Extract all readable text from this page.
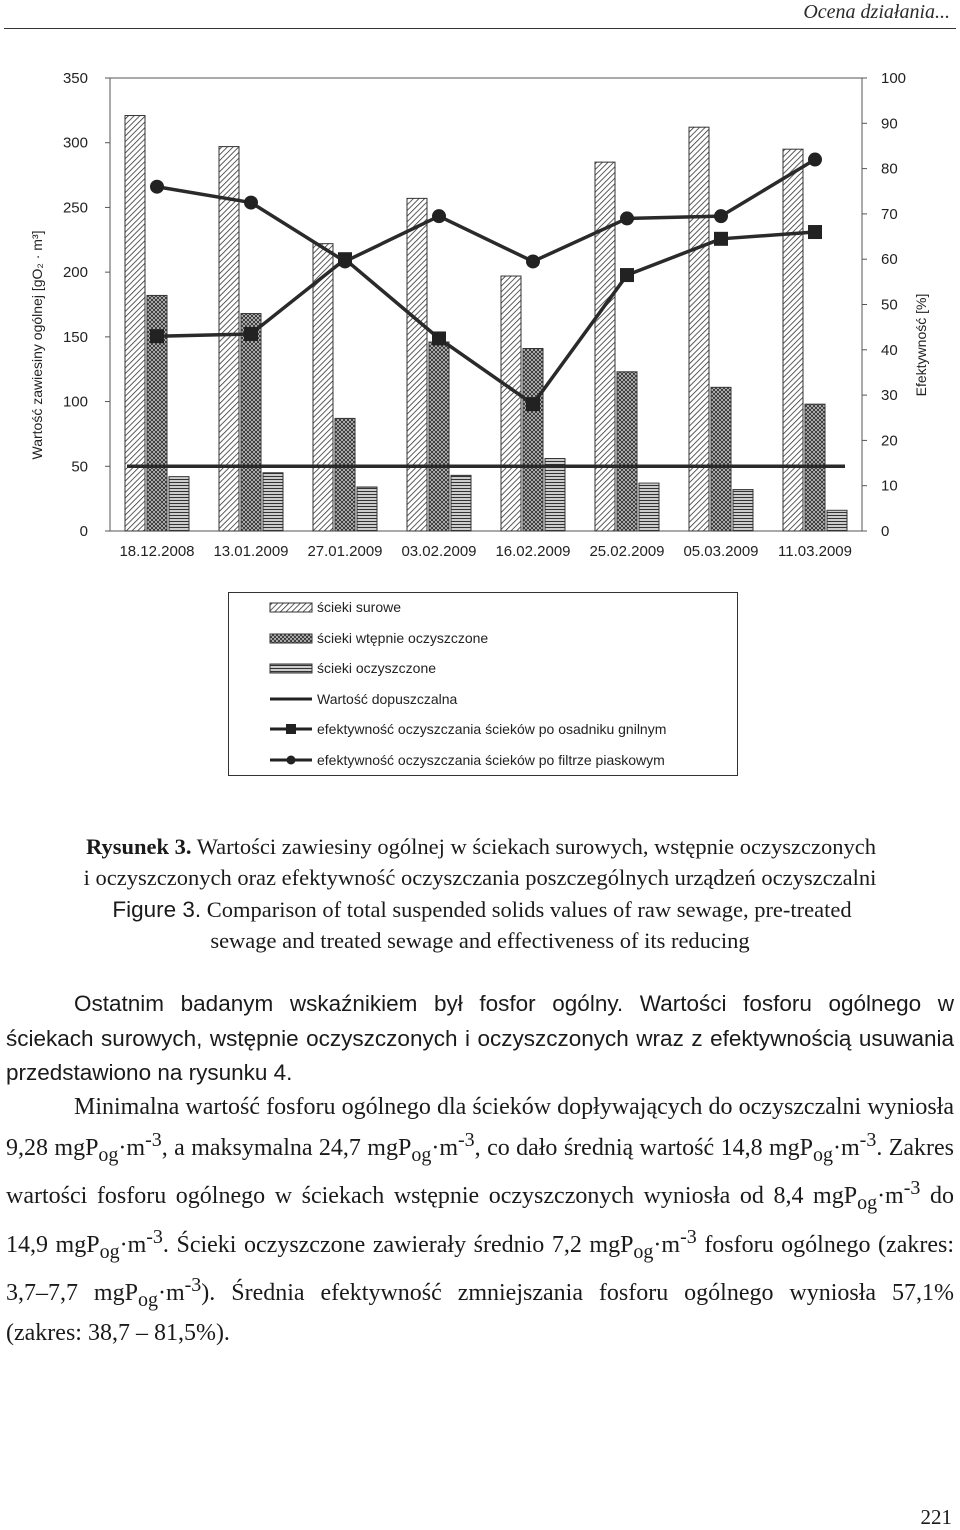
Ocena działania...
0
50
100
150
200
250
300
350
0
10
20
30
40
50
60
70
80
90
100
18.12.2008 13.01.2009 27.01.2009 03.02.2009 16.02.2009 25.02.2009 05.03.2009 11.03.2009
Wartość zawiesiny ogólnej [gO₂ · m³]	Efektywność [%]
ścieki surowe
ścieki wtępnie oczyszczone
ścieki oczyszczone
Wartość dopuszczalna
efektywność oczyszczania ścieków po osadniku gnilnym
efektywność oczyszczania ścieków po filtrze piaskowym
Rysunek 3. Wartości zawiesiny ogólnej w ściekach surowych, wstępnie oczyszczonych
i oczyszczonych oraz efektywność oczyszczania poszczególnych urządzeń oczyszczalni
Figure 3. Comparison of total suspended solids values of raw sewage, pre-treated
sewage and treated sewage and effectiveness of its reducing

Ostatnim badanym wskaźnikiem był fosfor ogólny. Wartości fosforu ogólnego w ściekach surowych, wstępnie oczyszczonych i oczyszczonych wraz z efektywnością usuwania przedstawiono na rysunku 4.

Minimalna wartość fosforu ogólnego dla ścieków dopływających do oczyszczalni wyniosła 9,28 $mgP_{og}\cdot m^{-3}$, a maksymalna 24,7 $mgP_{og}\cdot m^{-3}$, co dało średnią wartość 14,8 $mgP_{og}\cdot m^{-3}$. Zakres wartości fosforu ogólnego w ściekach wstępnie oczyszczonych wyniosła od 8,4 $mgP_{og}\cdot m^{-3}$ do 14,9 $mgP_{og}\cdot m^{-3}$. Ścieki oczyszczone zawierały średnio 7,2 $mgP_{og}\cdot m^{-3}$ fosforu ogólnego (zakres: 3,7–7,7 $mgP_{og}\cdot m^{-3}$). Średnia efektywność zmniejszania fosforu ogólnego wyniosła 57,1% (zakres: 38,7 – 81,5%).

221
